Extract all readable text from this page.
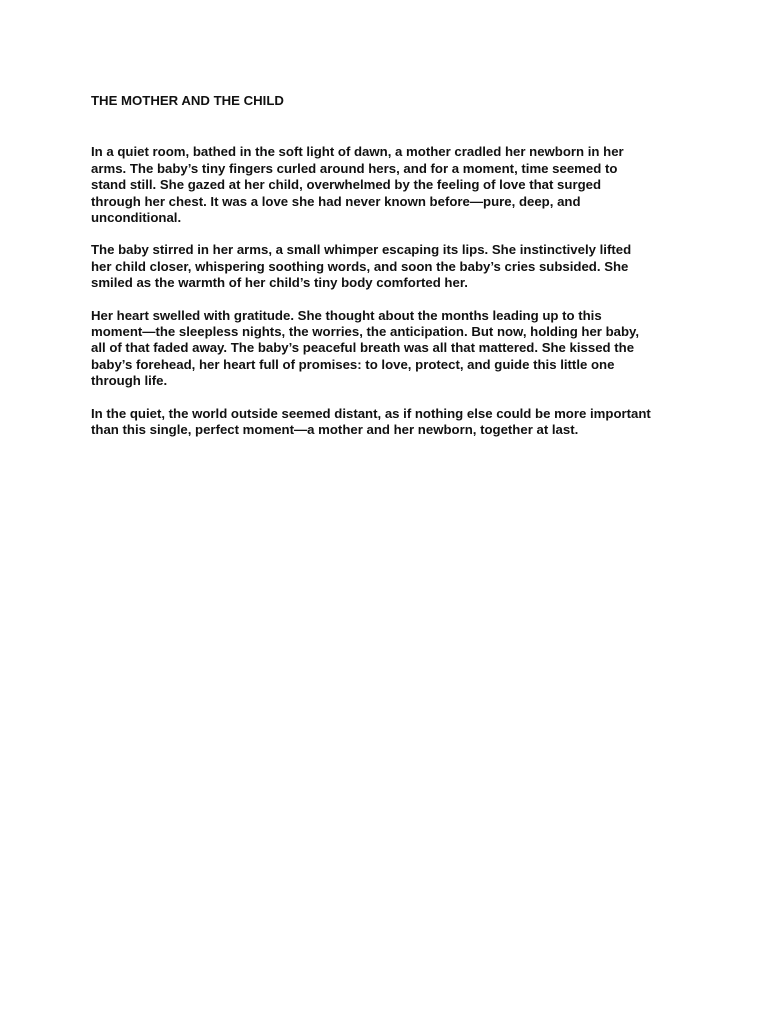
THE MOTHER AND THE CHILD
In a quiet room, bathed in the soft light of dawn, a mother cradled her newborn in her
arms. The baby’s tiny fingers curled around hers, and for a moment, time seemed to
stand still. She gazed at her child, overwhelmed by the feeling of love that surged
through her chest. It was a love she had never known before—pure, deep, and
unconditional.
The baby stirred in her arms, a small whimper escaping its lips. She instinctively lifted
her child closer, whispering soothing words, and soon the baby’s cries subsided. She
smiled as the warmth of her child’s tiny body comforted her.
Her heart swelled with gratitude. She thought about the months leading up to this
moment—the sleepless nights, the worries, the anticipation. But now, holding her baby,
all of that faded away. The baby’s peaceful breath was all that mattered. She kissed the
baby’s forehead, her heart full of promises: to love, protect, and guide this little one
through life.
In the quiet, the world outside seemed distant, as if nothing else could be more important
than this single, perfect moment—a mother and her newborn, together at last.
